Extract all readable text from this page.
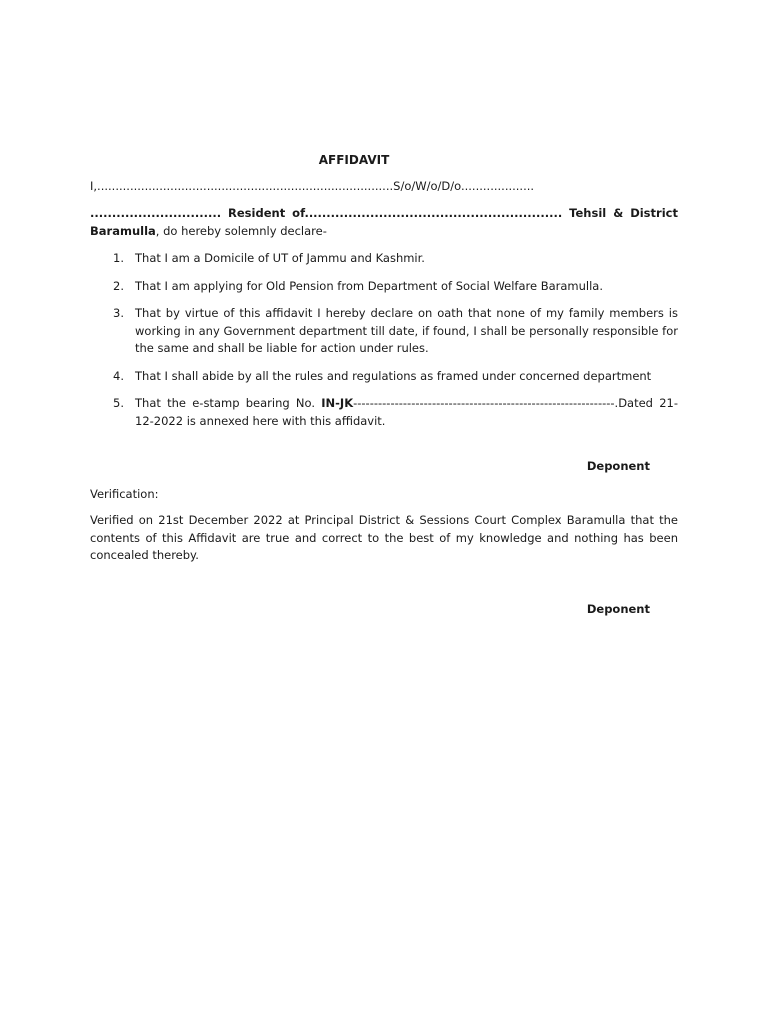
AFFIDAVIT
I,.................................................................................S/o/W/o/D/o....................
.............................. Resident of........................................................... Tehsil & District
Baramulla, do hereby solemnly declare-
1. That I am a Domicile of UT of Jammu and Kashmir.
2. That I am applying for Old Pension from Department of Social Welfare Baramulla.
3. That by virtue of this affidavit I hereby declare on oath that none of my family members is working in any Government department till date, if found, I shall be personally responsible for the same and shall be liable for action under rules.
4. That I shall abide by all the rules and regulations as framed under concerned department
5. That the e-stamp bearing No. IN-JK---------------------------------------------------------------.Dated 21-12-2022 is annexed here with this affidavit.
Deponent
Verification:

Verified on 21st December 2022 at Principal District & Sessions Court Complex Baramulla that the contents of this Affidavit are true and correct to the best of my knowledge and nothing has been concealed thereby.

Deponent
